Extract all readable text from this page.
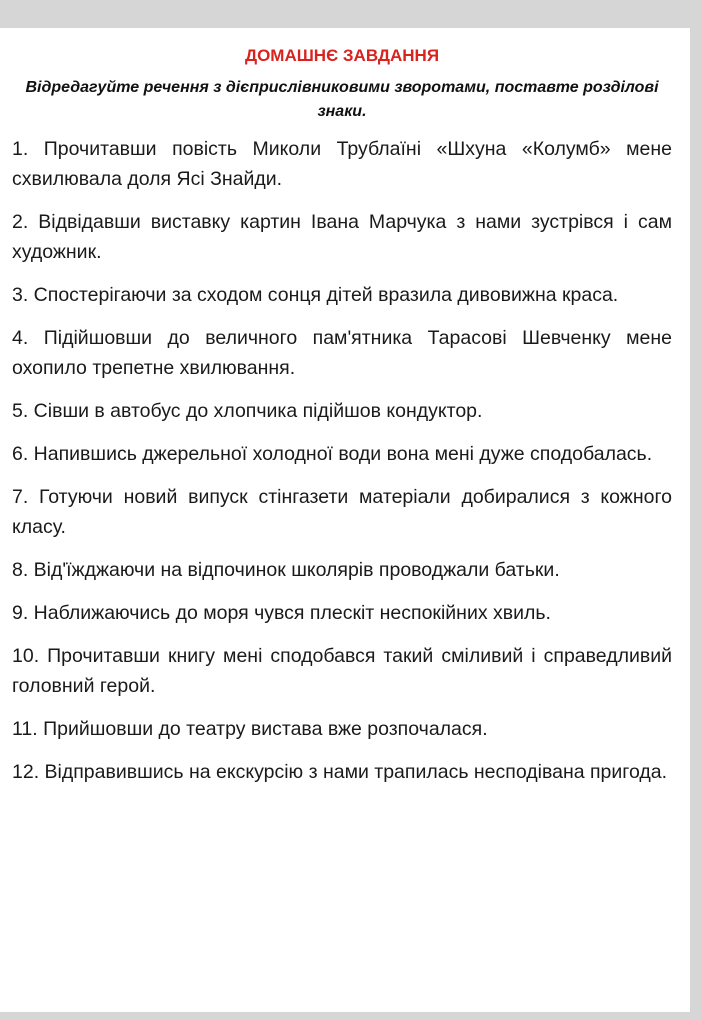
ДОМАШНЄ ЗАВДАННЯ
Відредагуйте речення з дієприслівниковими зворотами, поставте розділові знаки.
1. Прочитавши повість Миколи Трублаїні «Шхуна «Колумб» мене схвилювала доля Ясі Знайди.
2. Відвідавши виставку картин Івана Марчука з нами зустрівся і сам художник.
3. Спостерігаючи за сходом сонця дітей вразила дивовижна краса.
4. Підійшовши до величного пам'ятника Тарасові Шевченку мене охопило трепетне хвилювання.
5. Сівши в автобус до хлопчика підійшов кондуктор.
6. Напившись джерельної холодної води вона мені дуже сподобалась.
7. Готуючи новий випуск стінгазети матеріали добиралися з кожного класу.
8. Від'їжджаючи на відпочинок школярів проводжали батьки.
9. Наближаючись до моря чувся плескіт неспокійних хвиль.
10. Прочитавши книгу мені сподобався такий сміливий і справедливий головний герой.
11. Прийшовши до театру вистава вже розпочалася.
12. Відправившись на екскурсію з нами трапилась несподівана пригода.
